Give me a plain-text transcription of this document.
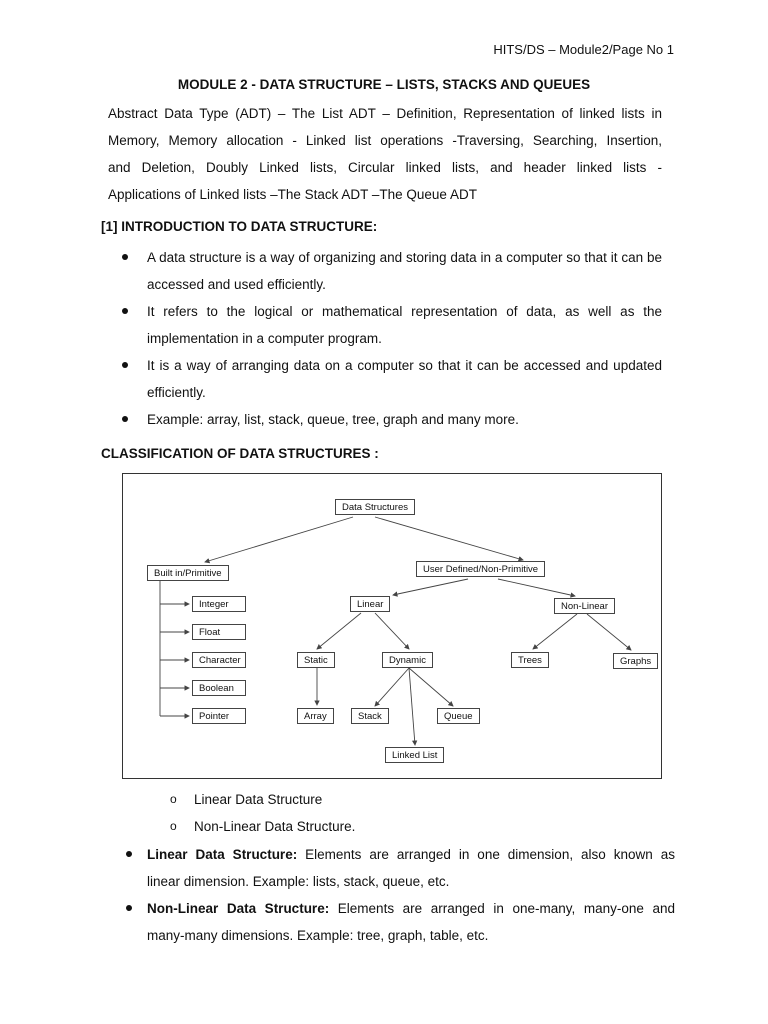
HITS/DS – Module2/Page No 1
MODULE 2 - DATA STRUCTURE – LISTS, STACKS AND QUEUES
Abstract Data Type (ADT) – The List ADT – Definition, Representation of linked lists in
Memory, Memory allocation - Linked list operations -Traversing, Searching, Insertion,
and Deletion, Doubly Linked lists, Circular linked lists, and header linked lists -
Applications of Linked lists –The Stack ADT –The Queue ADT
[1] INTRODUCTION TO DATA STRUCTURE:
A data structure is a way of organizing and storing data in a computer so that it can be accessed and used efficiently.
It refers to the logical or mathematical representation of data, as well as the implementation in a computer program.
It is a way of arranging data on a computer so that it can be accessed and updated efficiently.
Example: array, list, stack, queue, tree, graph and many more.
CLASSIFICATION OF DATA STRUCTURES :
Data Structures
Built in/Primitive	User Defined/Non-Primitive
Integer
Float
Character
Boolean
Pointer
Linear	Non-Linear
Static	Dynamic	Trees	Graphs
Array	Stack	Queue
Linked List
o Linear Data Structure
o Non-Linear Data Structure.
Linear Data Structure: Elements are arranged in one dimension, also known as
linear dimension. Example: lists, stack, queue, etc.
Non-Linear Data Structure: Elements are arranged in one-many, many-one and
many-many dimensions. Example: tree, graph, table, etc.
